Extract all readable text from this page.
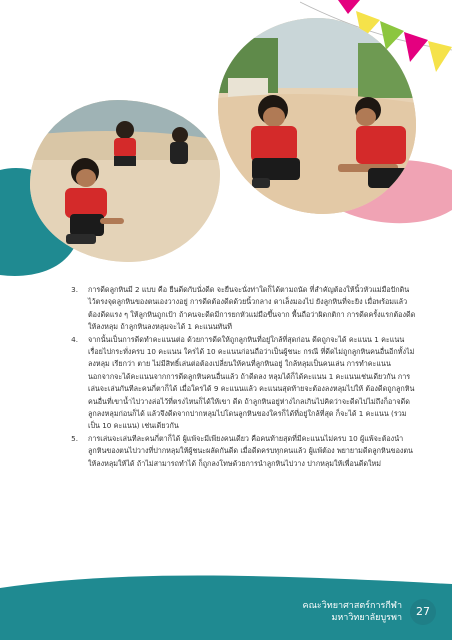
3. การดีดลูกหินมี 2 แบบ คือ ยืนดีดกับนั่งดีด จะยืนจะนั่งท่าใดก็ได้ตามถนัด ที่สำคัญต้องให้นิ้วหัวแม่มือปักดิน ไว้ตรงจุดลูกหินของตนเองวางอยู่ การดีดต้องดีดด้วยนิ้วกลาง ดาเล็งมองไป ยังลูกหินที่จะยิง เมื่อพร้อมแล้วต้องดีดแรง ๆ ให้ลูกหินถูกเป้า ถ้าคนจะดีดมีการยกหัวแม่มือขึ้นจาก พื้นถือว่าผิดกติกา การดีดครั้งแรกต้องดีดให้ลงหลุม ถ้าลูกหินลงหลุมจะได้ 1 คะแนนทันที
4. จากนั้นเป็นการดีดทำคะแนนต่อ ด้วยการดีดให้ถูกลูกหินที่อยู่ใกล้ที่สุดก่อน ดีดถูกจะได้ คะแนน 1 คะแนน เรื่อยไปกระทั่งครบ 10 คะแนน ใครได้ 10 คะแนนก่อนถือว่าเป็นผู้ชนะ กรณี ที่ดีดไม่ถูกลูกหินคนอื่นอีกทั้งไม่ลงหลุม เรียกว่า ตาย ไม่มีสิทธิ์เล่นต่อต้องเปลี่ยนให้คนที่ลูกหินอยู่ ใกล้หลุมเป็นคนเล่น การทำคะแนนนอกจากจะได้คะแนนจากการดีดลูกหินคนอื่นแล้ว ถ้าดีดลง หลุมได้ก็ได้คะแนน 1 คะแนนเช่นเดียวกัน การเล่นจะเล่นกันทีละคนกี่ตาก็ได้ เมื่อใครได้ 9 คะแนนแล้ว คะแนนสุดท้ายจะต้องลงหลุมไปให้ ต้องดีดถูกลูกหินคนอื่นที่เขาน้ำไปวางล่อไว้ที่ตรงไหนก็ได้ให้เขา ดีด ถ้าลูกหินอยู่ห่างไกลเกินไปคิดว่าจะดีดไปไม่ถึงก็อาจดีดลูกลงหลุมก่อนก็ได้ แล้วจึงดีดจากปากหลุมไปโดนลูกหินของใครก็ได้ที่อยู่ใกล้ที่สุด ก็จะได้ 1 คะแนน (รวมเป็น 10 คะแนน) เช่นเดียวกัน
5. การเล่นจะเล่นทีละคนกี่ตาก็ได้ ผู้แพ้จะมีเพียงคนเดียว คือคนท้ายสุดที่มีคะแนนไม่ครบ 10 ผู้แพ้จะต้องนำลูกหินของตนไปวางที่ปากหลุมให้ผู้ชนะผลัดกันดีด เมื่อดีดครบทุกคนแล้ว ผู้แพ้ต้อง พยายามดีดลูกหินของตนให้ลงหลุมให้ได้ ถ้าไม่สามารถทำได้ ก็ถูกลงโทษด้วยการนำลูกหินไปวาง ปากหลุมให้เพื่อนดีดใหม่
คณะวิทยาศาสตร์การกีฬา
มหาวิทยาลัยบูรพา	27
